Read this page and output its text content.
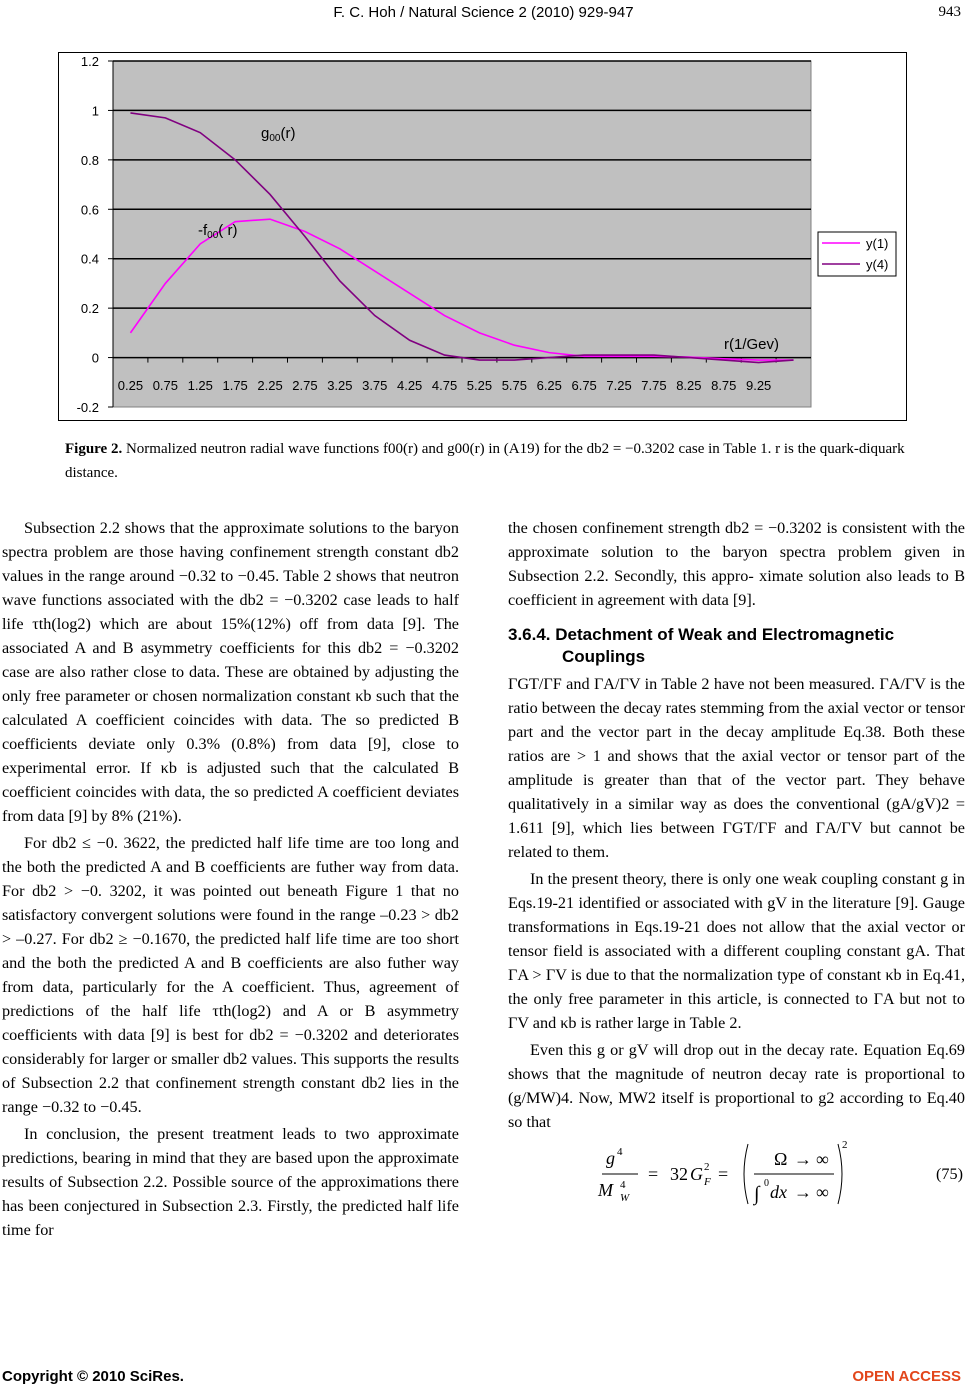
F. C. Hoh / Natural Science 2 (2010) 929-947	943
-0.2
0
0.2
0.4
0.6
0.8
1
1.2
0.25 0.75 1.25 1.75 2.25 2.75 3.25 3.75 4.25 4.75 5.25 5.75 6.25 6.75 7.25 7.75 8.25 8.75 9.25
$g_{00}(r)$
$-f_{00}$( r)
r(1/Gev)
y(1)
y(4)
Figure 2. Normalized neutron radial wave functions f00(r) and g00(r) in (A19) for the db2 = −0.3202 case in Table 1. r is the quark-diquark distance.

Subsection 2.2 shows that the approximate solutions to the baryon spectra problem are those having confinement strength constant db2 values in the range around −0.32 to −0.45. Table 2 shows that neutron wave functions associated with the db2 = −0.3202 case leads to half life τth(log2) which are about 15%(12%) off from data [9]. The associated A and B asymmetry coefficients for this db2 = −0.3202 case are also rather close to data. These are obtained by adjusting the only free parameter or chosen normalization constant κb such that the calculated A coefficient coincides with data. The so predicted B coefficients deviate only 0.3% (0.8%) from data [9], close to experimental error. If κb is adjusted such that the calculated B coefficient coincides with data, the so predicted A coefficient deviates from data [9] by 8% (21%).

For db2 ≤ −0. 3622, the predicted half life time are too long and the both the predicted A and B coefficients are futher way from data. For db2 > −0. 3202, it was pointed out beneath Figure 1 that no satisfactory convergent solutions were found in the range –0.23 > db2 > –0.27. For db2 ≥ −0.1670, the predicted half life time are too short and the both the predicted A and B coefficients are also futher way from data, particularly for the A coefficient. Thus, agreement of predictions of the half life τth(log2) and A or B asymmetry coefficients with data [9] is best for db2 = −0.3202 and deteriorates considerably for larger or smaller db2 values. This supports the results of Subsection 2.2 that confinement strength constant db2 lies in the range −0.32 to −0.45.

In conclusion, the present treatment leads to two approximate predictions, bearing in mind that they are based upon the approximate results of Subsection 2.2. Possible source of the approximations there has been conjectured in Subsection 2.3. Firstly, the predicted half life time for

the chosen confinement strength db2 = −0.3202 is consistent with the approximate solution to the baryon spectra problem given in Subsection 2.2. Secondly, this appro- ximate solution also leads to B coefficient in agreement with data [9].

3.6.4. Detachment of Weak and Electromagnetic
Couplings

ΓGT/ΓF and ΓA/ΓV in Table 2 have not been measured. ΓA/ΓV is the ratio between the decay rates stemming from the axial vector or tensor part and the vector part in the decay amplitude Eq.38. Both these ratios are > 1 and shows that the axial vector or tensor part of the amplitude is greater than that of the vector part. They behave qualitatively in a similar way as does the conventional (gA/gV)2 = 1.611 [9], which lies between ΓGT/ΓF and ΓA/ΓV but cannot be related to them.

In the present theory, there is only one weak coupling constant g in Eqs.19-21 identified or associated with gV in the literature [9]. Gauge transformations in Eqs.19-21 does not allow that the axial vector or tensor field is associated with a different coupling constant gA. That ΓA > ΓV is due to that the normalization type of constant κb in Eq.41, the only free parameter in this article, is connected to ΓA but not to ΓV and κb is rather large in Table 2.

Even this g or gV will drop out in the decay rate. Equation Eq.69 shows that the magnitude of neutron decay rate is proportional to (g/MW)4. Now, MW2 itself is proportional to g2 according to Eq.40 so that

g 4
M 4
W
= 32 G 2
F =
2
Ω → ∞
∫ 0 dx → ∞
(75)
Copyright © 2010 SciRes.	OPEN ACCESS
